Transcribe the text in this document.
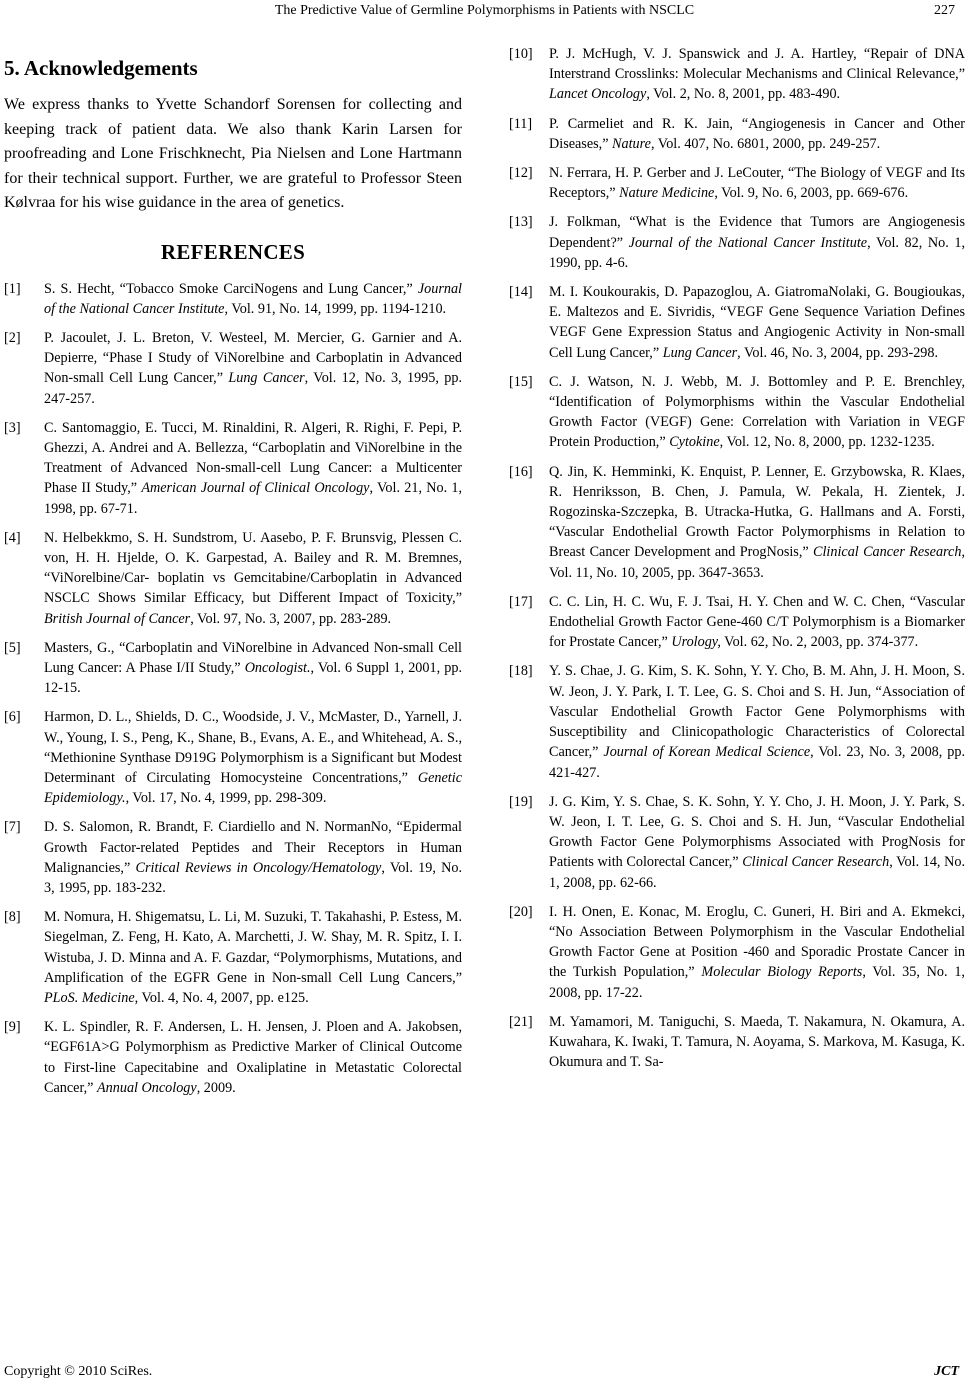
The Predictive Value of Germline Polymorphisms in Patients with NSCLC	227
5. Acknowledgements

We express thanks to Yvette Schandorf Sorensen for collecting and keeping track of patient data. We also thank Karin Larsen for proofreading and Lone Frischknecht, Pia Nielsen and Lone Hartmann for their technical support. Further, we are grateful to Professor Steen Kølvraa for his wise guidance in the area of genetics.

REFERENCES
[1]	S. S. Hecht, “Tobacco Smoke CarciNogens and Lung Cancer,” Journal of the National Cancer Institute, Vol. 91, No. 14, 1999, pp. 1194-1210.
[2]	P. Jacoulet, J. L. Breton, V. Westeel, M. Mercier, G. Garnier and A. Depierre, “Phase I Study of ViNorelbine and Carboplatin in Advanced Non-small Cell Lung Cancer,” Lung Cancer, Vol. 12, No. 3, 1995, pp. 247-257.
[3]	C. Santomaggio, E. Tucci, M. Rinaldini, R. Algeri, R. Righi, F. Pepi, P. Ghezzi, A. Andrei and A. Bellezza, “Carboplatin and ViNorelbine in the Treatment of Advanced Non-small-cell Lung Cancer: a Multicenter Phase II Study,” American Journal of Clinical Oncology, Vol. 21, No. 1, 1998, pp. 67-71.
[4]	N. Helbekkmo, S. H. Sundstrom, U. Aasebo, P. F. Brunsvig, Plessen C. von, H. H. Hjelde, O. K. Garpestad, A. Bailey and R. M. Bremnes, “ViNorelbine/Car- boplatin vs Gemcitabine/Carboplatin in Advanced NSCLC Shows Similar Efficacy, but Different Impact of Toxicity,” British Journal of Cancer, Vol. 97, No. 3, 2007, pp. 283-289.
[5]	Masters, G., “Carboplatin and ViNorelbine in Advanced Non-small Cell Lung Cancer: A Phase I/II Study,” Oncologist., Vol. 6 Suppl 1, 2001, pp. 12-15.
[6]	Harmon, D. L., Shields, D. C., Woodside, J. V., McMaster, D., Yarnell, J. W., Young, I. S., Peng, K., Shane, B., Evans, A. E., and Whitehead, A. S., “Methionine Synthase D919G Polymorphism is a Significant but Modest Determinant of Circulating Homocysteine Concentrations,” Genetic Epidemiology., Vol. 17, No. 4, 1999, pp. 298-309.
[7]	D. S. Salomon, R. Brandt, F. Ciardiello and N. NormanNo, “Epidermal Growth Factor-related Peptides and Their Receptors in Human Malignancies,” Critical Reviews in Oncology/Hematology, Vol. 19, No. 3, 1995, pp. 183-232.
[8]	M. Nomura, H. Shigematsu, L. Li, M. Suzuki, T. Takahashi, P. Estess, M. Siegelman, Z. Feng, H. Kato, A. Marchetti, J. W. Shay, M. R. Spitz, I. I. Wistuba, J. D. Minna and A. F. Gazdar, “Polymorphisms, Mutations, and Amplification of the EGFR Gene in Non-small Cell Lung Cancers,” PLoS. Medicine, Vol. 4, No. 4, 2007, pp. e125.
[9]	K. L. Spindler, R. F. Andersen, L. H. Jensen, J. Ploen and A. Jakobsen, “EGF61A>G Polymorphism as Predictive Marker of Clinical Outcome to First-line Capecitabine and Oxaliplatine in Metastatic Colorectal Cancer,” Annual Oncology, 2009.
[10]	P. J. McHugh, V. J. Spanswick and J. A. Hartley, “Repair of DNA Interstrand Crosslinks: Molecular Mechanisms and Clinical Relevance,” Lancet Oncology, Vol. 2, No. 8, 2001, pp. 483-490.
[11]	P. Carmeliet and R. K. Jain, “Angiogenesis in Cancer and Other Diseases,” Nature, Vol. 407, No. 6801, 2000, pp. 249-257.
[12]	N. Ferrara, H. P. Gerber and J. LeCouter, “The Biology of VEGF and Its Receptors,” Nature Medicine, Vol. 9, No. 6, 2003, pp. 669-676.
[13]	J. Folkman, “What is the Evidence that Tumors are Angiogenesis Dependent?” Journal of the National Cancer Institute, Vol. 82, No. 1, 1990, pp. 4-6.
[14]	M. I. Koukourakis, D. Papazoglou, A. GiatromaNolaki, G. Bougioukas, E. Maltezos and E. Sivridis, “VEGF Gene Sequence Variation Defines VEGF Gene Expression Status and Angiogenic Activity in Non-small Cell Lung Cancer,” Lung Cancer, Vol. 46, No. 3, 2004, pp. 293-298.
[15]	C. J. Watson, N. J. Webb, M. J. Bottomley and P. E. Brenchley, “Identification of Polymorphisms within the Vascular Endothelial Growth Factor (VEGF) Gene: Correlation with Variation in VEGF Protein Production,” Cytokine, Vol. 12, No. 8, 2000, pp. 1232-1235.
[16]	Q. Jin, K. Hemminki, K. Enquist, P. Lenner, E. Grzybowska, R. Klaes, R. Henriksson, B. Chen, J. Pamula, W. Pekala, H. Zientek, J. Rogozinska-Szczepka, B. Utracka-Hutka, G. Hallmans and A. Forsti, “Vascular Endothelial Growth Factor Polymorphisms in Relation to Breast Cancer Development and ProgNosis,” Clinical Cancer Research, Vol. 11, No. 10, 2005, pp. 3647-3653.
[17]	C. C. Lin, H. C. Wu, F. J. Tsai, H. Y. Chen and W. C. Chen, “Vascular Endothelial Growth Factor Gene-460 C/T Polymorphism is a Biomarker for Prostate Cancer,” Urology, Vol. 62, No. 2, 2003, pp. 374-377.
[18]	Y. S. Chae, J. G. Kim, S. K. Sohn, Y. Y. Cho, B. M. Ahn, J. H. Moon, S. W. Jeon, J. Y. Park, I. T. Lee, G. S. Choi and S. H. Jun, “Association of Vascular Endothelial Growth Factor Gene Polymorphisms with Susceptibility and Clinicopathologic Characteristics of Colorectal Cancer,” Journal of Korean Medical Science, Vol. 23, No. 3, 2008, pp. 421-427.
[19]	J. G. Kim, Y. S. Chae, S. K. Sohn, Y. Y. Cho, J. H. Moon, J. Y. Park, S. W. Jeon, I. T. Lee, G. S. Choi and S. H. Jun, “Vascular Endothelial Growth Factor Gene Polymorphisms Associated with ProgNosis for Patients with Colorectal Cancer,” Clinical Cancer Research, Vol. 14, No. 1, 2008, pp. 62-66.
[20]	I. H. Onen, E. Konac, M. Eroglu, C. Guneri, H. Biri and A. Ekmekci, “No Association Between Polymorphism in the Vascular Endothelial Growth Factor Gene at Position -460 and Sporadic Prostate Cancer in the Turkish Population,” Molecular Biology Reports, Vol. 35, No. 1, 2008, pp. 17-22.
[21]	M. Yamamori, M. Taniguchi, S. Maeda, T. Nakamura, N. Okamura, A. Kuwahara, K. Iwaki, T. Tamura, N. Aoyama, S. Markova, M. Kasuga, K. Okumura and T. Sa-
Copyright © 2010 SciRes.	JCT
